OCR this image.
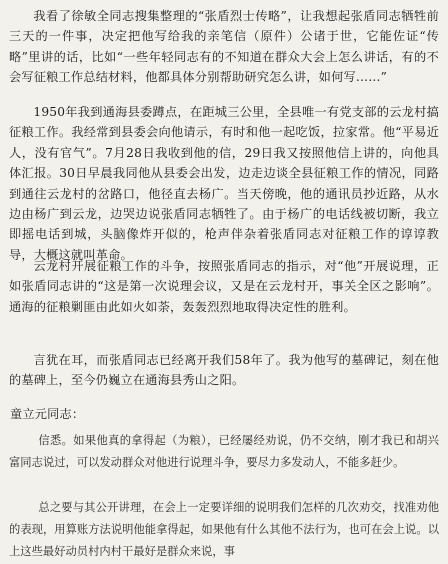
我看了徐敏全同志搜集整理的“张盾烈士传略”，让我想起张盾同志牺牲前三天的一件事，决定把他写给我的亲笔信（原件）公诸于世，它能佐证“传略”里讲的话，比如“一些年轻同志有的不知道在群众大会上怎么讲话，有的不会写征粮工作总结材料，他都具体分别帮助研究怎么讲，如何写……”

1950年我到通海县委蹲点，在距城三公里，全县唯一有党支部的云龙村搞征粮工作。我经常到县委会向他请示，有时和他一起吃饭，拉家常。他“平易近人，没有官气”。7月28日我收到他的信，29日我又按照他信上讲的，向他具体汇报。30日早晨我同他从县委会出发，边走边谈全县征粮工作的情况，同路到通往云龙村的岔路口，他径直去杨广。当天傍晚，他的通讯员抄近路，从水边由杨广到云龙，边哭边说张盾同志牺牲了。由于杨广的电话线被切断，我立即摇电话到城，头脑像炸开似的，枪声伴杂着张盾同志对征粮工作的谆谆教导，大概这就叫革命。

云龙村开展征粮工作的斗争，按照张盾同志的指示，对“他”开展说理，正如张盾同志讲的“这是第一次说理会议，又是在云龙村开，事关全区之影响”。通海的征粮剿匪由此如火如荼，轰轰烈烈地取得决定性的胜利。

言犹在耳，而张盾同志已经离开我们58年了。我为他写的墓碑记，刻在他的墓碑上，至今仍巍立在通海县秀山之阳。

童立元同志：

信悉。如果他真的拿得起（为粮），已经屡经劝说，仍不交纳，刚才我已和胡兴富同志说过，可以发动群众对他进行说理斗争，要尽力多发动人，不能多赶少。

总之要与其公开讲理，在会上一定要详细的说明我们怎样的几次劝交，找准劝他的表现，用算账方法说明他能拿得起，如果他有什么其他不法行为，也可在会上说。以上这些最好动员村内村干最好是群众来说，事
